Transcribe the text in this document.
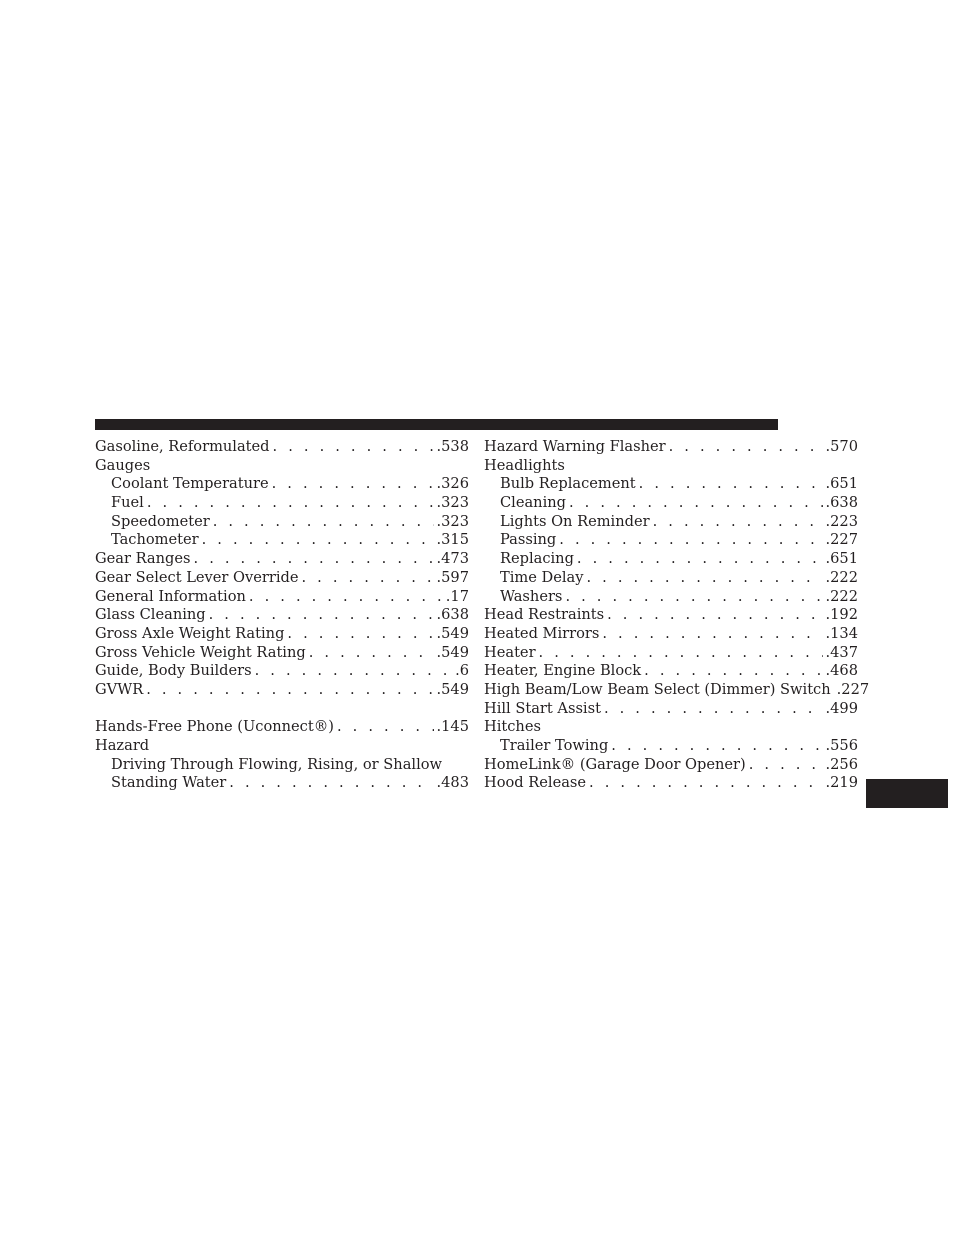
Gasoline, Reformulated . . .	.538
Gauges
Coolant Temperature . . .	.326
Fuel . . .	.323
Speedometer . . .	.323
Tachometer . . .	.315
Gear Ranges . . .	.473
Gear Select Lever Override . . .	.597
General Information . . .	.17
Glass Cleaning . . .	.638
Gross Axle Weight Rating . . .	.549
Gross Vehicle Weight Rating . . .	.549
Guide, Body Builders . . .	.6
GVWR . . .	.549
Hands-Free Phone (Uconnect®) . . .	.145
Hazard
Driving Through Flowing, Rising, or Shallow
Standing Water . . .	.483
Hazard Warning Flasher . . .	.570
Headlights
Bulb Replacement . . .	.651
Cleaning . . .	.638
Lights On Reminder . . .	.223
Passing . . .	.227
Replacing . . .	.651
Time Delay . . .	.222
Washers . . .	.222
Head Restraints . . .	.192
Heated Mirrors . . .	.134
Heater . . .	.437
Heater, Engine Block . . .	.468
High Beam/Low Beam Select (Dimmer) Switch .227
Hill Start Assist . . .	.499
Hitches
Trailer Towing . . .	.556
HomeLink® (Garage Door Opener) . . .	.256
Hood Release . . .	.219
